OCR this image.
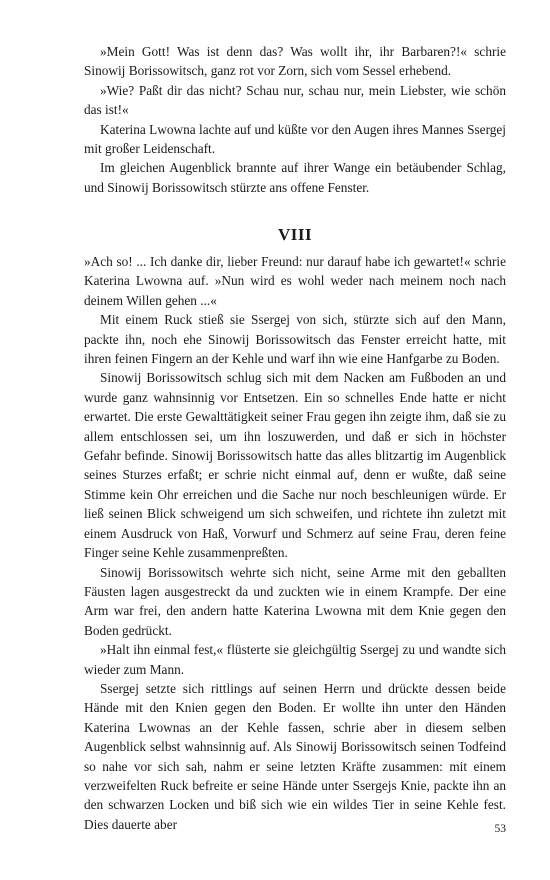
»Mein Gott! Was ist denn das? Was wollt ihr, ihr Barbaren?!« schrie Sinowij Borissowitsch, ganz rot vor Zorn, sich vom Sessel erhebend.

»Wie? Paßt dir das nicht? Schau nur, schau nur, mein Liebster, wie schön das ist!«

Katerina Lwowna lachte auf und küßte vor den Augen ihres Mannes Ssergej mit großer Leidenschaft.

Im gleichen Augenblick brannte auf ihrer Wange ein betäubender Schlag, und Sinowij Borissowitsch stürzte ans offene Fenster.

VIII

»Ach so! ... Ich danke dir, lieber Freund: nur darauf habe ich gewartet!« schrie Katerina Lwowna auf. »Nun wird es wohl weder nach meinem noch nach deinem Willen gehen ...«

Mit einem Ruck stieß sie Ssergej von sich, stürzte sich auf den Mann, packte ihn, noch ehe Sinowij Borissowitsch das Fenster erreicht hatte, mit ihren feinen Fingern an der Kehle und warf ihn wie eine Hanfgarbe zu Boden.

Sinowij Borissowitsch schlug sich mit dem Nacken am Fußboden an und wurde ganz wahnsinnig vor Entsetzen. Ein so schnelles Ende hatte er nicht erwartet. Die erste Gewalttätigkeit seiner Frau gegen ihn zeigte ihm, daß sie zu allem entschlossen sei, um ihn loszuwerden, und daß er sich in höchster Gefahr befinde. Sinowij Borissowitsch hatte das alles blitzartig im Augenblick seines Sturzes erfaßt; er schrie nicht einmal auf, denn er wußte, daß seine Stimme kein Ohr erreichen und die Sache nur noch beschleunigen würde. Er ließ seinen Blick schweigend um sich schweifen, und richtete ihn zuletzt mit einem Ausdruck von Haß, Vorwurf und Schmerz auf seine Frau, deren feine Finger seine Kehle zusammenpreßten.

Sinowij Borissowitsch wehrte sich nicht, seine Arme mit den geballten Fäusten lagen ausgestreckt da und zuckten wie in einem Krampfe. Der eine Arm war frei, den andern hatte Katerina Lwowna mit dem Knie gegen den Boden gedrückt.

»Halt ihn einmal fest,« flüsterte sie gleichgültig Ssergej zu und wandte sich wieder zum Mann.

Ssergej setzte sich rittlings auf seinen Herrn und drückte dessen beide Hände mit den Knien gegen den Boden. Er wollte ihn unter den Händen Katerina Lwownas an der Kehle fassen, schrie aber in diesem selben Augenblick selbst wahnsinnig auf. Als Sinowij Borissowitsch seinen Todfeind so nahe vor sich sah, nahm er seine letzten Kräfte zusammen: mit einem verzweifelten Ruck befreite er seine Hände unter Ssergejs Knie, packte ihn an den schwarzen Locken und biß sich wie ein wildes Tier in seine Kehle fest. Dies dauerte aber	53
